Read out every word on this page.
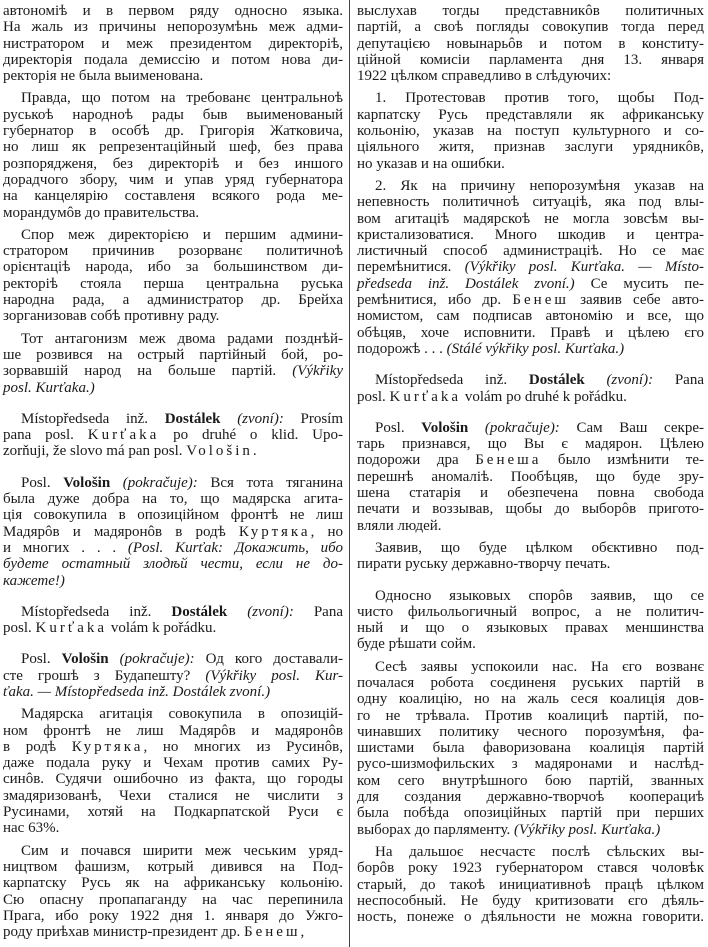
автономіѣ и в первом ряду односно языка.
На жаль из причины непорозумѣнь меж адми-
нистратором и меж президентом директоріѣ,
директорія подала демиссію и потом нова ди-
ректорія не была выименована.
Правда, що потом на требованє центральноѣ
руськоѣ народноѣ рады быв выименованый
губернатор в особѣ др. Григорія Жатковича,
но лиш як репрезентаційный шеф, без права
розпорядженя, без директоріѣ и без иншого
дорадчого збору, чим и упав уряд губернатора
на канцелярію составленя всякого рода ме-
морандумôв до правительства.
Спор меж директорією и першим админи-
стратором причинив розорванє политичноѣ
орієнтаціѣ народа, ибо за большинством ди-
ректоріѣ стояла перша центральна руська
народна рада, а администратор др. Брейха
зорганизовав собѣ противну раду.
Тот антагонизм меж двома радами позднѣй-
ше розвився на острый партійный бой, ро-
зорвавшій народ на больше партій. (Výkřiky
posl. Kurťaka.)
Místopředseda inž. Dostálek (zvoní): Prosím
pana posl. Kurťaka po druhé o klid. Upo-
zorňuji, že slovo má pan posl. Vološin.
Posl. Vološin (pokračuje): Вся тота тяганина
была дуже добра на то, що мадярска агита-
ція совокупила в опозиційном фронтѣ не лиш
Мадярôв и мадяронôв в родѣ Куртяка, но
и многих . . . (Posl. Kurťak: Докажить, ибо
будете остатный злодѣй чести, если не до-
кажете!)
Místopředseda inž. Dostálek (zvoní): Pana
posl. Kurťaka volám k pořádku.
Posl. Vološin (pokračuje): Од кого доставали-
сте грошѣ з Будапешту? (Výkřiky posl. Kur-
ťaka. — Místopředseda inž. Dostálek zvoní.)
Мадярска агитація совокупила в опозицій-
ном фронтѣ не лиш Мадярôв и мадяронôв
в родѣ Куртяка, но многих из Русинôв,
даже подала руку и Чехам против самих Ру-
синôв. Судячи ошибочно из факта, що городы
змадяризованѣ, Чехи сталися не числити з
Русинами, хотяй на Подкарпатской Руси є
нас 63%.
Сим и почався ширити меж чеським уряд-
ництвом фашизм, котрый дивився на Под-
карпатску Русь як на африканську кольонію.
Сю опасну пропапаганду на час перепинила
Прага, ибо року 1922 дня 1. января до Ужго-
роду приѣхав министр-президент др. Бенеш,
выслухав тогды представникôв политичных
партій, а своѣ погляды совокупив тогда перед
депутацією новынарьôв и потом в конститу-
ційной комисіи парламента дня 13. января
1922 цѣлком справедливо в слѣдуючих:
1. Протестовав против того, щобы Под-
карпатску Русь представляли як африканську
кольонію, указав на поступ культурного и со-
ціяльного житя, признав заслуги урядникôв,
но указав и на ошибки.
2. Як на причину непорозумѣня указав на
непевность политичноѣ ситуаціѣ, яка под влы-
вом агитаціѣ мадярскоѣ не могла зовсѣм вы-
кристализоватися. Много шкодив и центра-
листичный способ администраціѣ. Но се має
перемѣнитися. (Výkřiky posl. Kurťaka. — Místo-
předseda inž. Dostálek zvoní.) Се мусить пе-
ремѣнитися, ибо др. Бенеш заявив себе авто-
номистом, сам подписав автономію и все, що
обѣцяв, хоче исповнити. Правѣ и цѣлею єго
подорожѣ . . . (Stálé výkřiky posl. Kurťaka.)
Místopředseda inž. Dostálek (zvoní): Pana
posl. Kurťaka volám po druhé k pořádku.
Posl. Vološin (pokračuje): Сам Ваш секре-
тарь признався, що Вы є мадярон. Цѣлею
подорожи дра Бенеша было измѣнити те-
перешнѣ аномаліѣ. Пообѣцяв, що буде зру-
шена статарія и обезпечена повна свобода
печати и воззывав, щобы до выборôв пригото-
вляли людей.
Заявив, що буде цѣлком обєктивно под-
пирати руську державно-творчу печать.
Односно языковых спорôв заявив, що се
чисто фильольогичный вопрос, а не политич-
ный и що о языковых правах меншинства
буде рѣшати сойм.
Сесѣ заявы успокоили нас. На єго возванє
почалася робота соєдиненя руських партій в
одну коалицію, но на жаль сеся коалиція дов-
го не трѣвала. Против коалициѣ партій, по-
чинавших политику чесного порозумѣня, фа-
шистами была фаворизована коалиція партій
русо-шизмофильских з мадяронами и наслѣд-
ком сего внутрѣшного бою партій, званных
для создания державно-творчоѣ кооперациѣ
была побѣда опозиційных партій при перших
выборах до парляменту. (Výkřiky posl. Kurťaka.)
На дальшоє несчастє послѣ сѣльских вы-
борôв року 1923 губернатором стався чоловѣк
старый, до такоѣ инициативноѣ працѣ цѣлком
неспособный. Не буду критизовати єго дѣяль-
ность, понеже о дѣяльности не можна говорити.
